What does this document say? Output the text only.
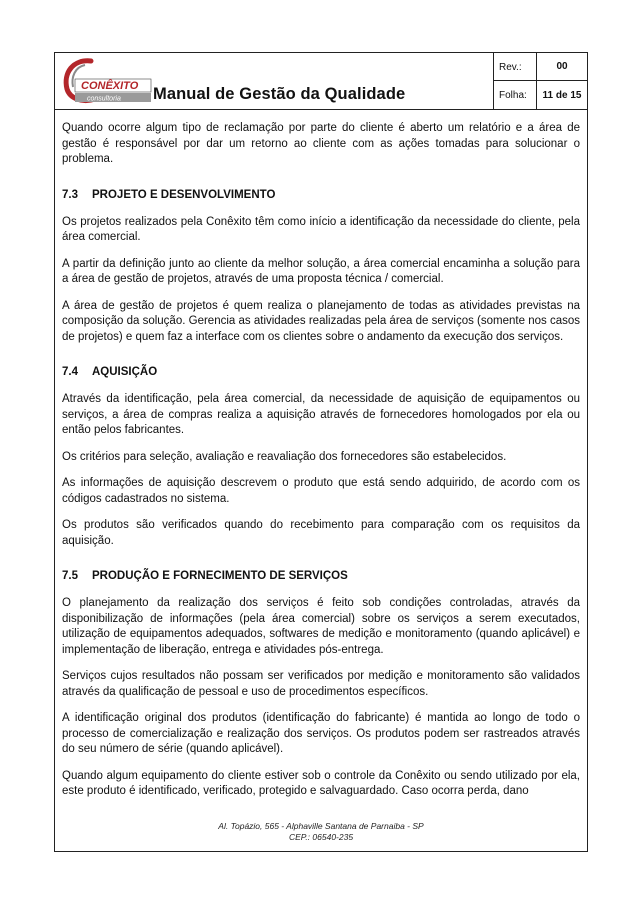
CONÊXITO
consultoria Manual de Gestão da Qualidade
Rev.:	00
Folha:	11 de 15

Quando ocorre algum tipo de reclamação por parte do cliente é aberto um relatório e a área de gestão é responsável por dar um retorno ao cliente com as ações tomadas para solucionar o problema.

7.3	PROJETO E DESENVOLVIMENTO

Os projetos realizados pela Conêxito têm como início a identificação da necessidade do cliente, pela área comercial.

A partir da definição junto ao cliente da melhor solução, a área comercial encaminha a solução para a área de gestão de projetos, através de uma proposta técnica / comercial.

A área de gestão de projetos é quem realiza o planejamento de todas as atividades previstas na composição da solução. Gerencia as atividades realizadas pela área de serviços (somente nos casos de projetos) e quem faz a interface com os clientes sobre o andamento da execução dos serviços.

7.4	AQUISIÇÃO

Através da identificação, pela área comercial, da necessidade de aquisição de equipamentos ou serviços, a área de compras realiza a aquisição através de fornecedores homologados por ela ou então pelos fabricantes.

Os critérios para seleção, avaliação e reavaliação dos fornecedores são estabelecidos.

As informações de aquisição descrevem o produto que está sendo adquirido, de acordo com os códigos cadastrados no sistema.

Os produtos são verificados quando do recebimento para comparação com os requisitos da aquisição.

7.5	PRODUÇÃO E FORNECIMENTO DE SERVIÇOS

O planejamento da realização dos serviços é feito sob condições controladas, através da disponibilização de informações (pela área comercial) sobre os serviços a serem executados, utilização de equipamentos adequados, softwares de medição e monitoramento (quando aplicável) e implementação de liberação, entrega e atividades pós-entrega.

Serviços cujos resultados não possam ser verificados por medição e monitoramento são validados através da qualificação de pessoal e uso de procedimentos específicos.

A identificação original dos produtos (identificação do fabricante) é mantida ao longo de todo o processo de comercialização e realização dos serviços. Os produtos podem ser rastreados através do seu número de série (quando aplicável).

Quando algum equipamento do cliente estiver sob o controle da Conêxito ou sendo utilizado por ela, este produto é identificado, verificado, protegido e salvaguardado. Caso ocorra perda, dano

Al. Topázio, 565 - Alphaville Santana de Parnaiba - SP
CEP.: 06540-235
